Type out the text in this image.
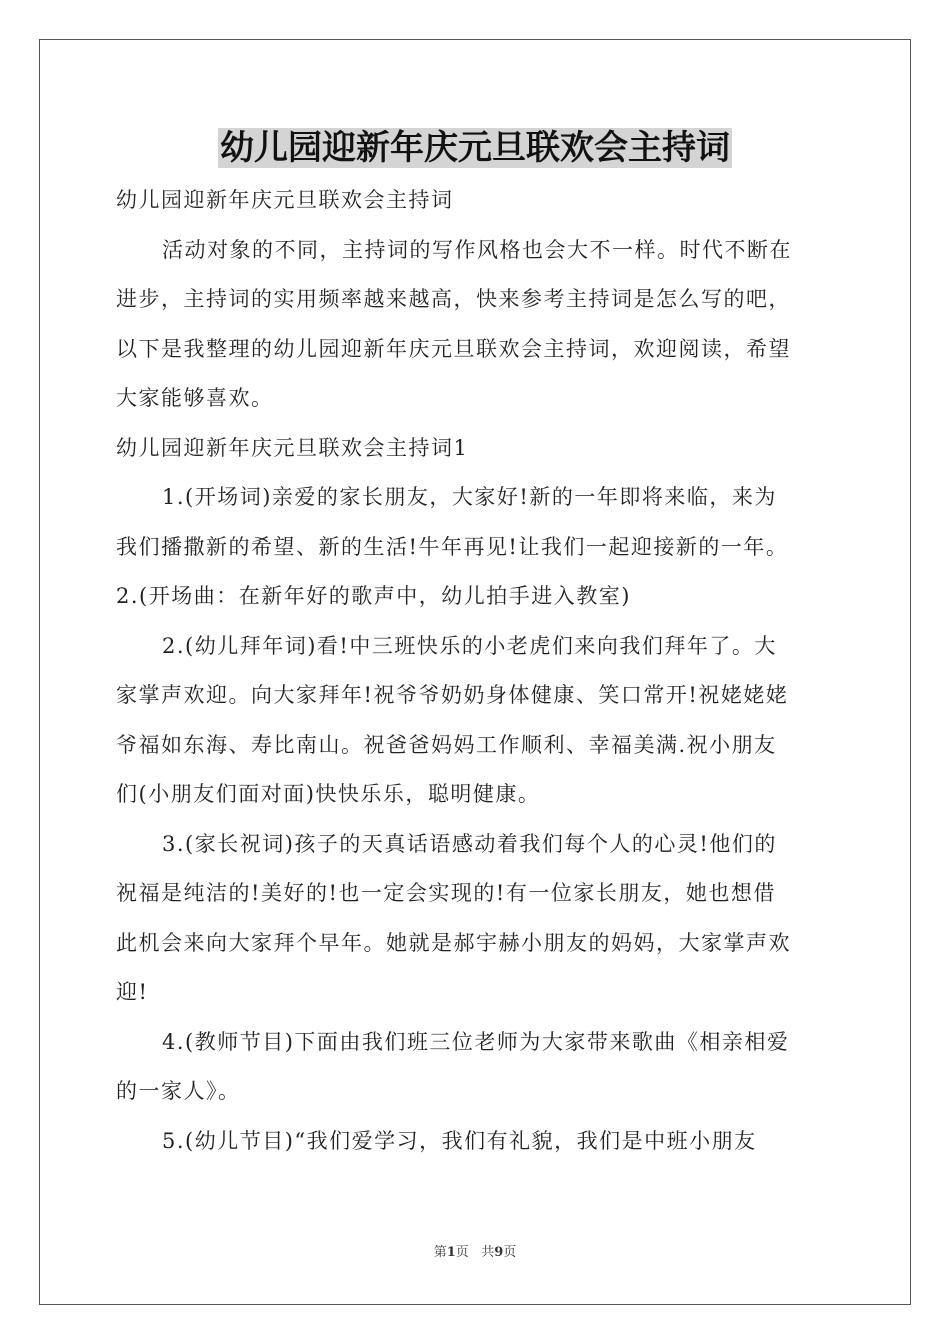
幼儿园迎新年庆元旦联欢会主持词
幼儿园迎新年庆元旦联欢会主持词
活动对象的不同，主持词的写作风格也会大不一样。时代不断在
进步，主持词的实用频率越来越高，快来参考主持词是怎么写的吧，
以下是我整理的幼儿园迎新年庆元旦联欢会主持词，欢迎阅读，希望
大家能够喜欢。
幼儿园迎新年庆元旦联欢会主持词1
1.(开场词)亲爱的家长朋友，大家好!新的一年即将来临，来为
我们播撒新的希望、新的生活!牛年再见!让我们一起迎接新的一年。
2.(开场曲：在新年好的歌声中，幼儿拍手进入教室)
2.(幼儿拜年词)看!中三班快乐的小老虎们来向我们拜年了。大
家掌声欢迎。向大家拜年!祝爷爷奶奶身体健康、笑口常开!祝姥姥姥
爷福如东海、寿比南山。祝爸爸妈妈工作顺利、幸福美满.祝小朋友
们(小朋友们面对面)快快乐乐，聪明健康。
3.(家长祝词)孩子的天真话语感动着我们每个人的心灵!他们的
祝福是纯洁的!美好的!也一定会实现的!有一位家长朋友，她也想借
此机会来向大家拜个早年。她就是郝宇赫小朋友的妈妈，大家掌声欢
迎!
4.(教师节目)下面由我们班三位老师为大家带来歌曲《相亲相爱
的一家人》。
5.(幼儿节目)“我们爱学习，我们有礼貌，我们是中班小朋友
第1页 共9页
